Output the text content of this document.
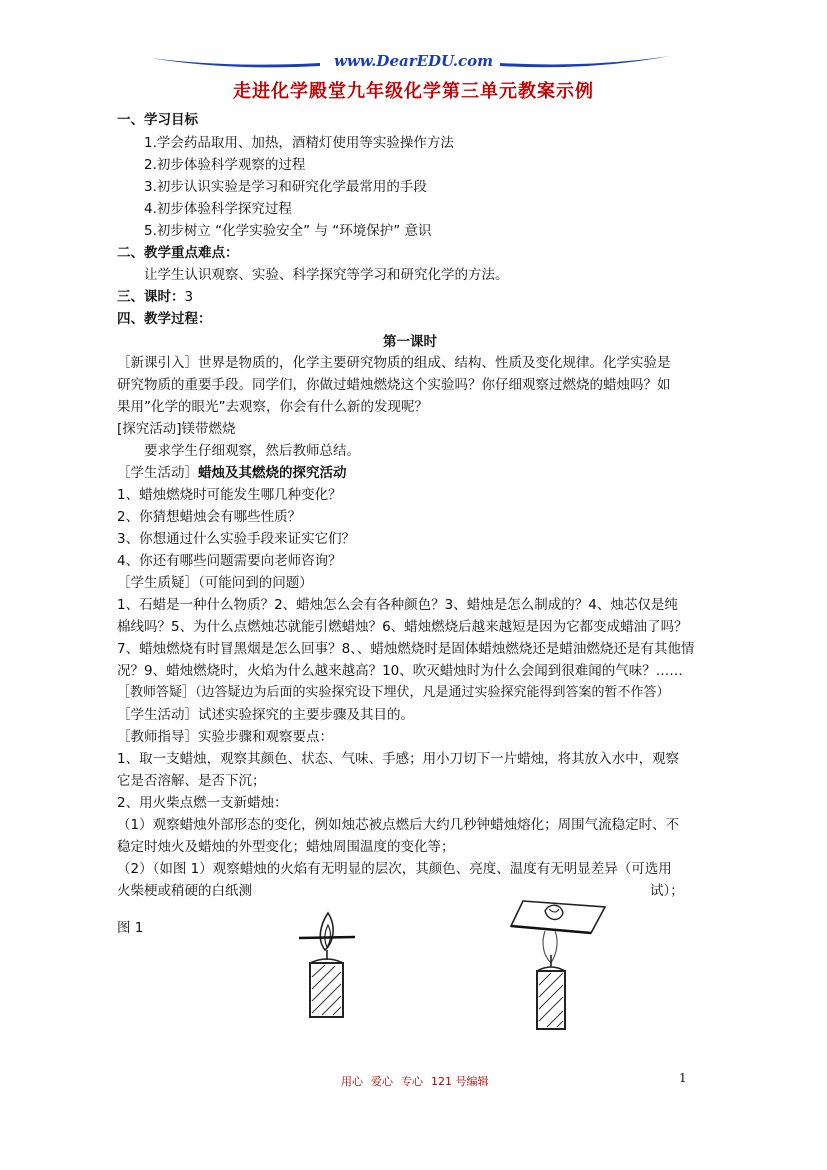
www.DearEDU.com
走进化学殿堂九年级化学第三单元教案示例
一、学习目标
1.学会药品取用、加热，酒精灯使用等实验操作方法
2.初步体验科学观察的过程
3.初步认识实验是学习和研究化学最常用的手段
4.初步体验科学探究过程
5.初步树立 “化学实验安全” 与 “环境保护” 意识
二、教学重点难点：
让学生认识观察、实验、科学探究等学习和研究化学的方法。
三、课时：3
四、教学过程：
第一课时
［新课引入］世界是物质的，化学主要研究物质的组成、结构、性质及变化规律。化学实验是
研究物质的重要手段。同学们，你做过蜡烛燃烧这个实验吗？你仔细观察过燃烧的蜡烛吗？如
果用”化学的眼光”去观察，你会有什么新的发现呢？
[探究活动]镁带燃烧
要求学生仔细观察，然后教师总结。
［学生活动］蜡烛及其燃烧的探究活动
1、蜡烛燃烧时可能发生哪几种变化？
2、你猜想蜡烛会有哪些性质？
3、你想通过什么实验手段来证实它们？
4、你还有哪些问题需要向老师咨询？
［学生质疑］（可能问到的问题）
1、石蜡是一种什么物质？2、蜡烛怎么会有各种颜色？3、蜡烛是怎么制成的？4、烛芯仅是纯
棉线吗？5、为什么点燃烛芯就能引燃蜡烛？6、蜡烛燃烧后越来越短是因为它都变成蜡油了吗？
7、蜡烛燃烧有时冒黑烟是怎么回事？8、、蜡烛燃烧时是固体蜡烛燃烧还是蜡油燃烧还是有其他情
况？9、蜡烛燃烧时，火焰为什么越来越高？10、吹灭蜡烛时为什么会闻到很难闻的气味？……
［教师答疑］（边答疑边为后面的实验探究设下埋伏，凡是通过实验探究能得到答案的暂不作答）
［学生活动］试述实验探究的主要步骤及其目的。
［教师指导］实验步骤和观察要点：
1、取一支蜡烛，观察其颜色、状态、气味、手感；用小刀切下一片蜡烛，将其放入水中，观察
它是否溶解、是否下沉；
2、用火柴点燃一支新蜡烛：
（1）观察蜡烛外部形态的变化，例如烛芯被点燃后大约几秒钟蜡烛熔化；周围气流稳定时、不
稳定时烛火及蜡烛的外型变化；蜡烛周围温度的变化等；
（2）（如图 1）观察蜡烛的火焰有无明显的层次，其颜色、亮度、温度有无明显差异（可选用
火柴梗或稍硬的白纸测	试）；
图 1
用心 爱心 专心 121 号编辑	1
